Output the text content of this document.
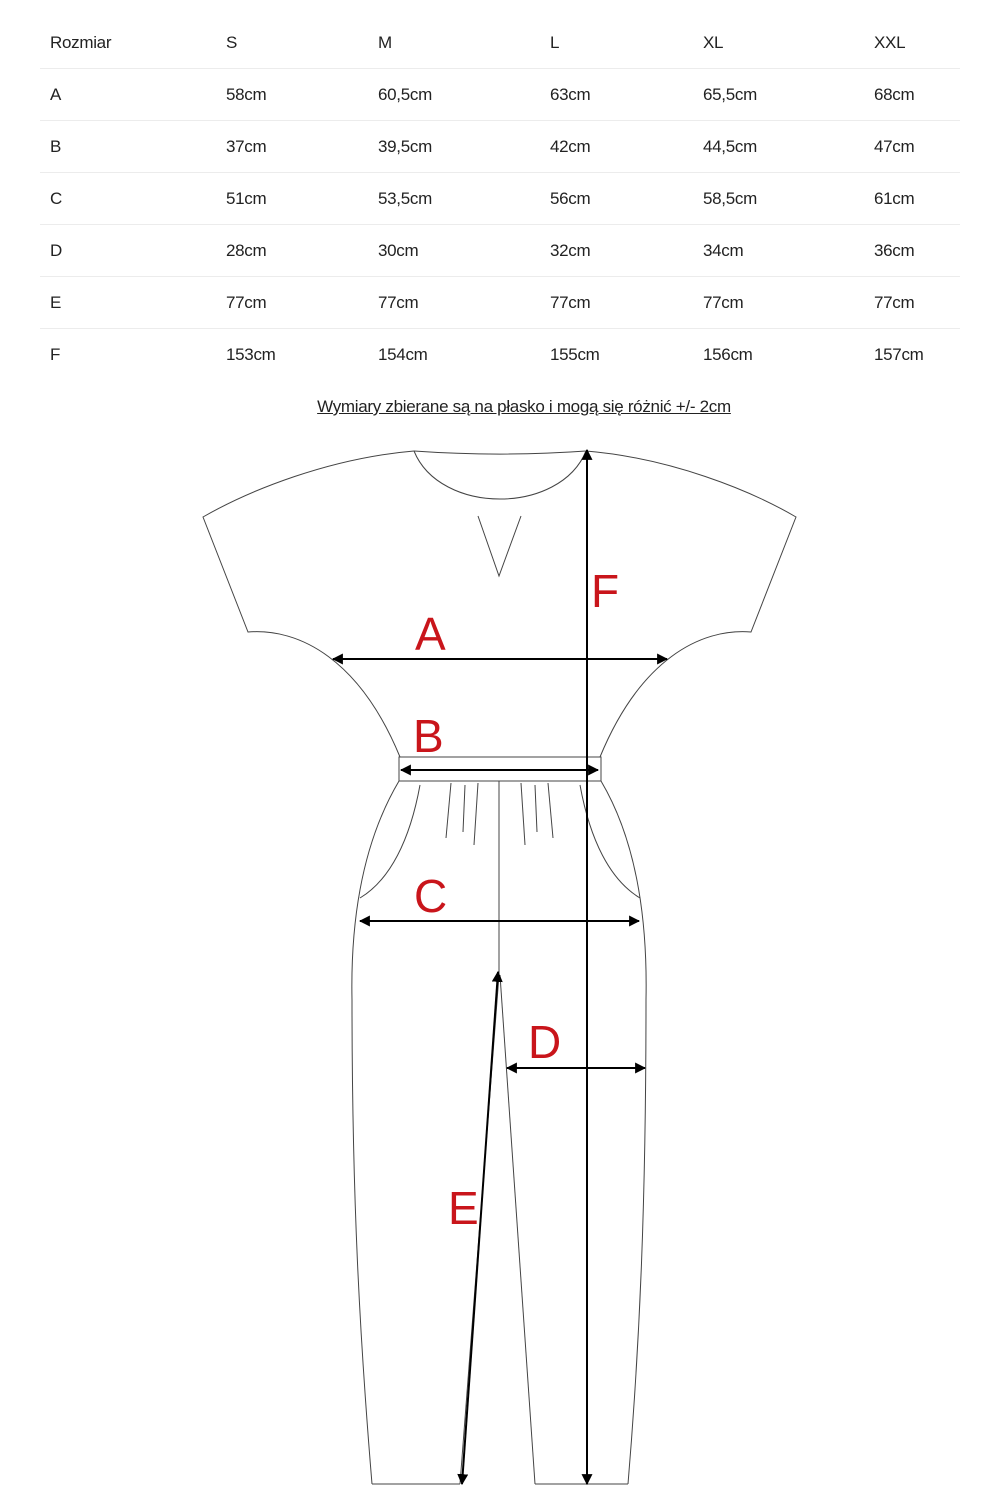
Rozmiar	S	M	L	XL	XXL
A	58cm	60,5cm	63cm	65,5cm	68cm
B	37cm	39,5cm	42cm	44,5cm	47cm
C	51cm	53,5cm	56cm	58,5cm	61cm
D	28cm	30cm	32cm	34cm	36cm
E	77cm	77cm	77cm	77cm	77cm
F	153cm	154cm	155cm	156cm	157cm
Wymiary zbierane są na płasko i mogą się różnić +/- 2cm
A
B
C
D
E
F
